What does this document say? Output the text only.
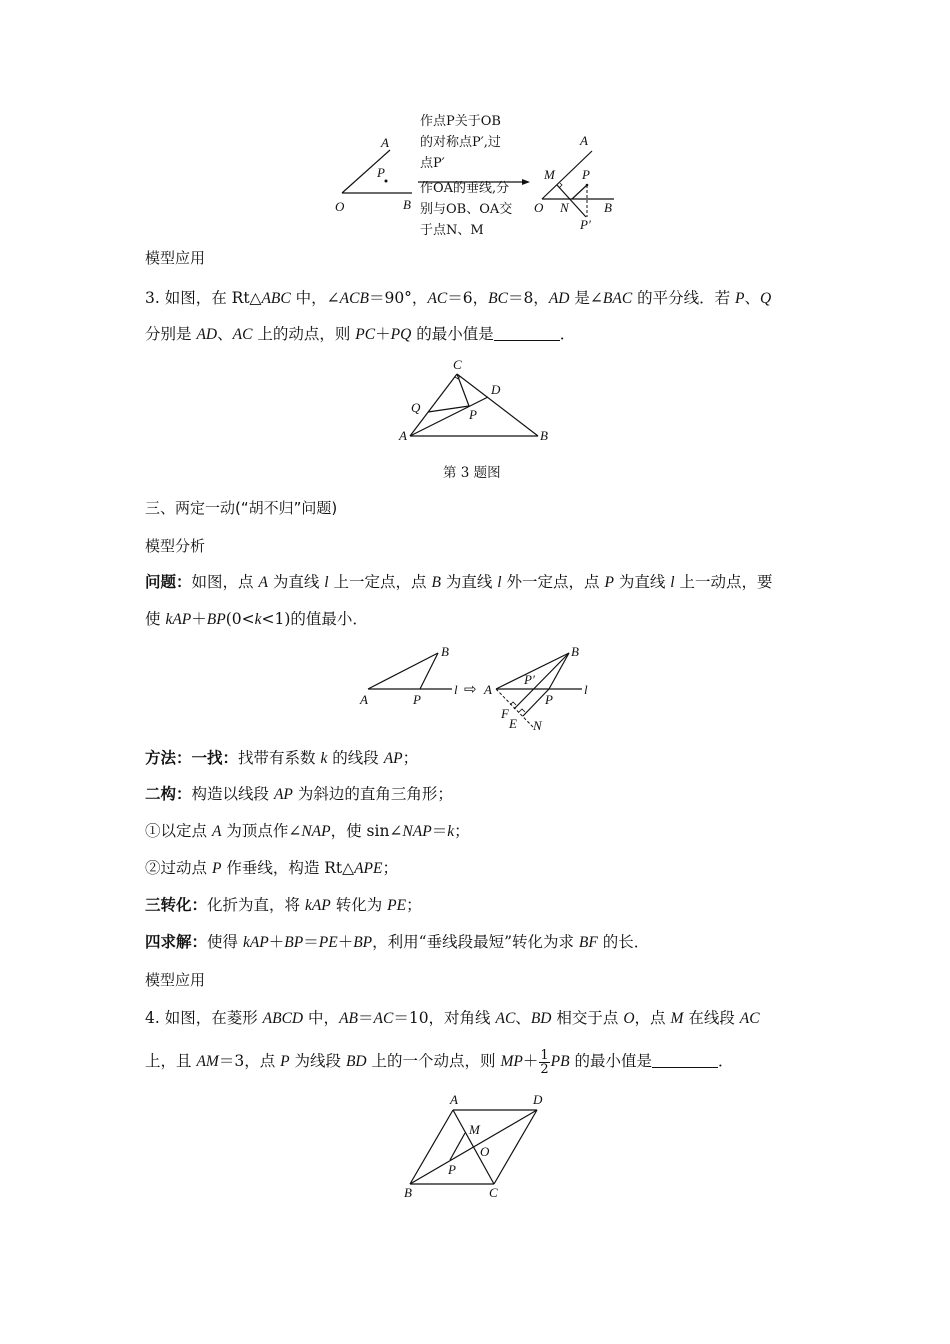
A
P
O	B
A
M P
O N
P′
B
作点P关于OB
的对称点P′,过
点P′
作OA的垂线,分
别与OB、OA交
于点N、M
模型应用
3. 如图，在 Rt△ABC 中，∠ACB＝90°，AC＝6，BC＝8，AD 是∠BAC 的平分线．若 P、Q
分别是 AD、AC 上的动点，则 PC＋PQ 的最小值是	．
C
D
Q	P
A	B
第 3 题图
三、两定一动(“胡不归”问题)
模型分析
问题：如图，点 A 为直线 l 上一定点，点 B 为直线 l 外一定点，点 P 为直线 l 上一动点，要
使 kAP＋BP(0<k<1)的值最小．
A	P
l
B
⇨ A
B
P′
P
l
F
E N
方法：一找：找带有系数 k 的线段 AP；
二构：构造以线段 AP 为斜边的直角三角形；
①以定点 A 为顶点作∠NAP，使 sin∠NAP＝k；
②过动点 P 作垂线，构造 Rt△APE；
三转化：化折为直，将 kAP 转化为 PE；
四求解：使得 kAP＋BP＝PE＋BP，利用“垂线段最短”转化为求 BF 的长．
模型应用
4. 如图，在菱形 ABCD 中，AB＝AC＝10，对角线 AC、BD 相交于点 O，点 M 在线段 AC
上，且 AM＝3，点 P 为线段 BD 上的一个动点，则 $MP+ \frac{1}{2}$ PB 的最小值是	．
A	D
M
O
P
B	C
